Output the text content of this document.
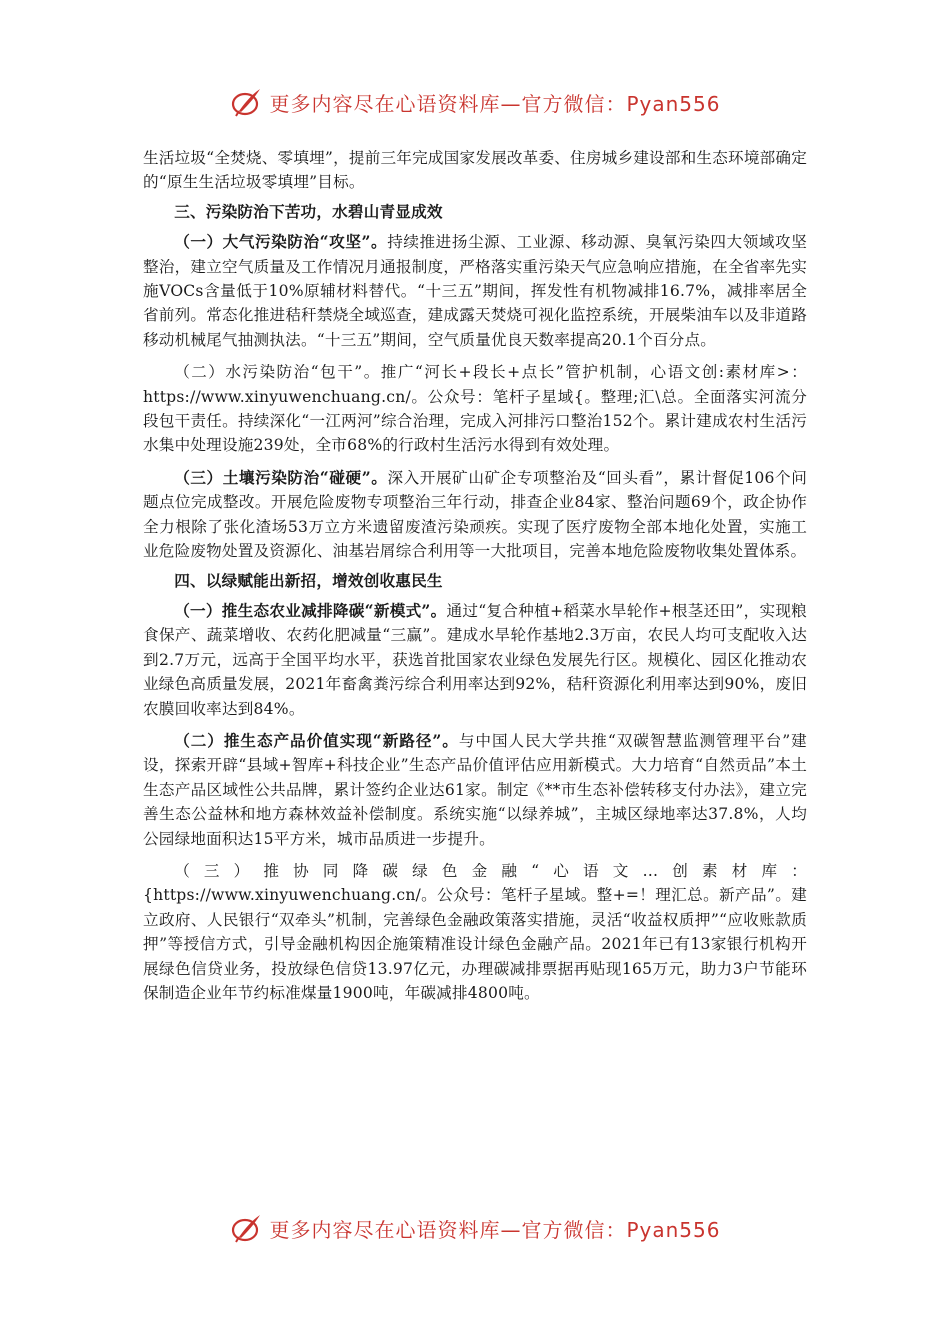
更多内容尽在心语资料库—官方微信：Pyan556

生活垃圾“全焚烧、零填埋”，提前三年完成国家发展改革委、住房城乡建设部和生态环境部确定的“原生生活垃圾零填埋”目标。

三、污染防治下苦功，水碧山青显成效

（一）大气污染防治“攻坚”。持续推进扬尘源、工业源、移动源、臭氧污染四大领域攻坚整治，建立空气质量及工作情况月通报制度，严格落实重污染天气应急响应措施，在全省率先实施VOCs含量低于10%原辅材料替代。“十三五”期间，挥发性有机物减排16.7%，减排率居全省前列。常态化推进秸秆禁烧全域巡查，建成露天焚烧可视化监控系统，开展柴油车以及非道路移动机械尾气抽测执法。“十三五”期间，空气质量优良天数率提高20.1个百分点。

（二）水污染防治“包干”。推广“河长+段长+点长”管护机制，心语文创:素材库>：https://www.xinyuwenchuang.cn/。公众号：笔杆子星域{。整理;汇\总。全面落实河流分段包干责任。持续深化“一江两河”综合治理，完成入河排污口整治152个。累计建成农村生活污水集中处理设施239处，全市68%的行政村生活污水得到有效处理。

（三）土壤污染防治“碰硬”。深入开展矿山矿企专项整治及“回头看”，累计督促106个问题点位完成整改。开展危险废物专项整治三年行动，排查企业84家、整治问题69个，政企协作全力根除了张化渣场53万立方米遗留废渣污染顽疾。实现了医疗废物全部本地化处置，实施工业危险废物处置及资源化、油基岩屑综合利用等一大批项目，完善本地危险废物收集处置体系。

四、以绿赋能出新招，增效创收惠民生

（一）推生态农业减排降碳“新模式”。通过“复合种植+稻菜水旱轮作+根茎还田”，实现粮食保产、蔬菜增收、农药化肥减量“三赢”。建成水旱轮作基地2.3万亩，农民人均可支配收入达到2.7万元，远高于全国平均水平，获选首批国家农业绿色发展先行区。规模化、园区化推动农业绿色高质量发展，2021年畜禽粪污综合利用率达到92%，秸秆资源化利用率达到90%，废旧农膜回收率达到84%。

（二）推生态产品价值实现“新路径”。与中国人民大学共推“双碳智慧监测管理平台”建设，探索开辟“县域+智库+科技企业”生态产品价值评估应用新模式。大力培育“自然贡品”本土生态产品区域性公共品牌，累计签约企业达61家。制定《**市生态补偿转移支付办法》，建立完善生态公益林和地方森林效益补偿制度。系统实施“以绿养城”，主城区绿地率达37.8%，人均公园绿地面积达15平方米，城市品质进一步提升。

（三）推协同降碳绿色金融“心语文…创素材库：{https://www.xinyuwenchuang.cn/。公众号：笔杆子星域。整+=！理汇总。新产品”。建立政府、人民银行“双牵头”机制，完善绿色金融政策落实措施，灵活“收益权质押”“应收账款质押”等授信方式，引导金融机构因企施策精准设计绿色金融产品。2021年已有13家银行机构开展绿色信贷业务，投放绿色信贷13.97亿元，办理碳减排票据再贴现165万元，助力3户节能环保制造企业年节约标准煤量1900吨，年碳减排4800吨。

更多内容尽在心语资料库—官方微信：Pyan556
